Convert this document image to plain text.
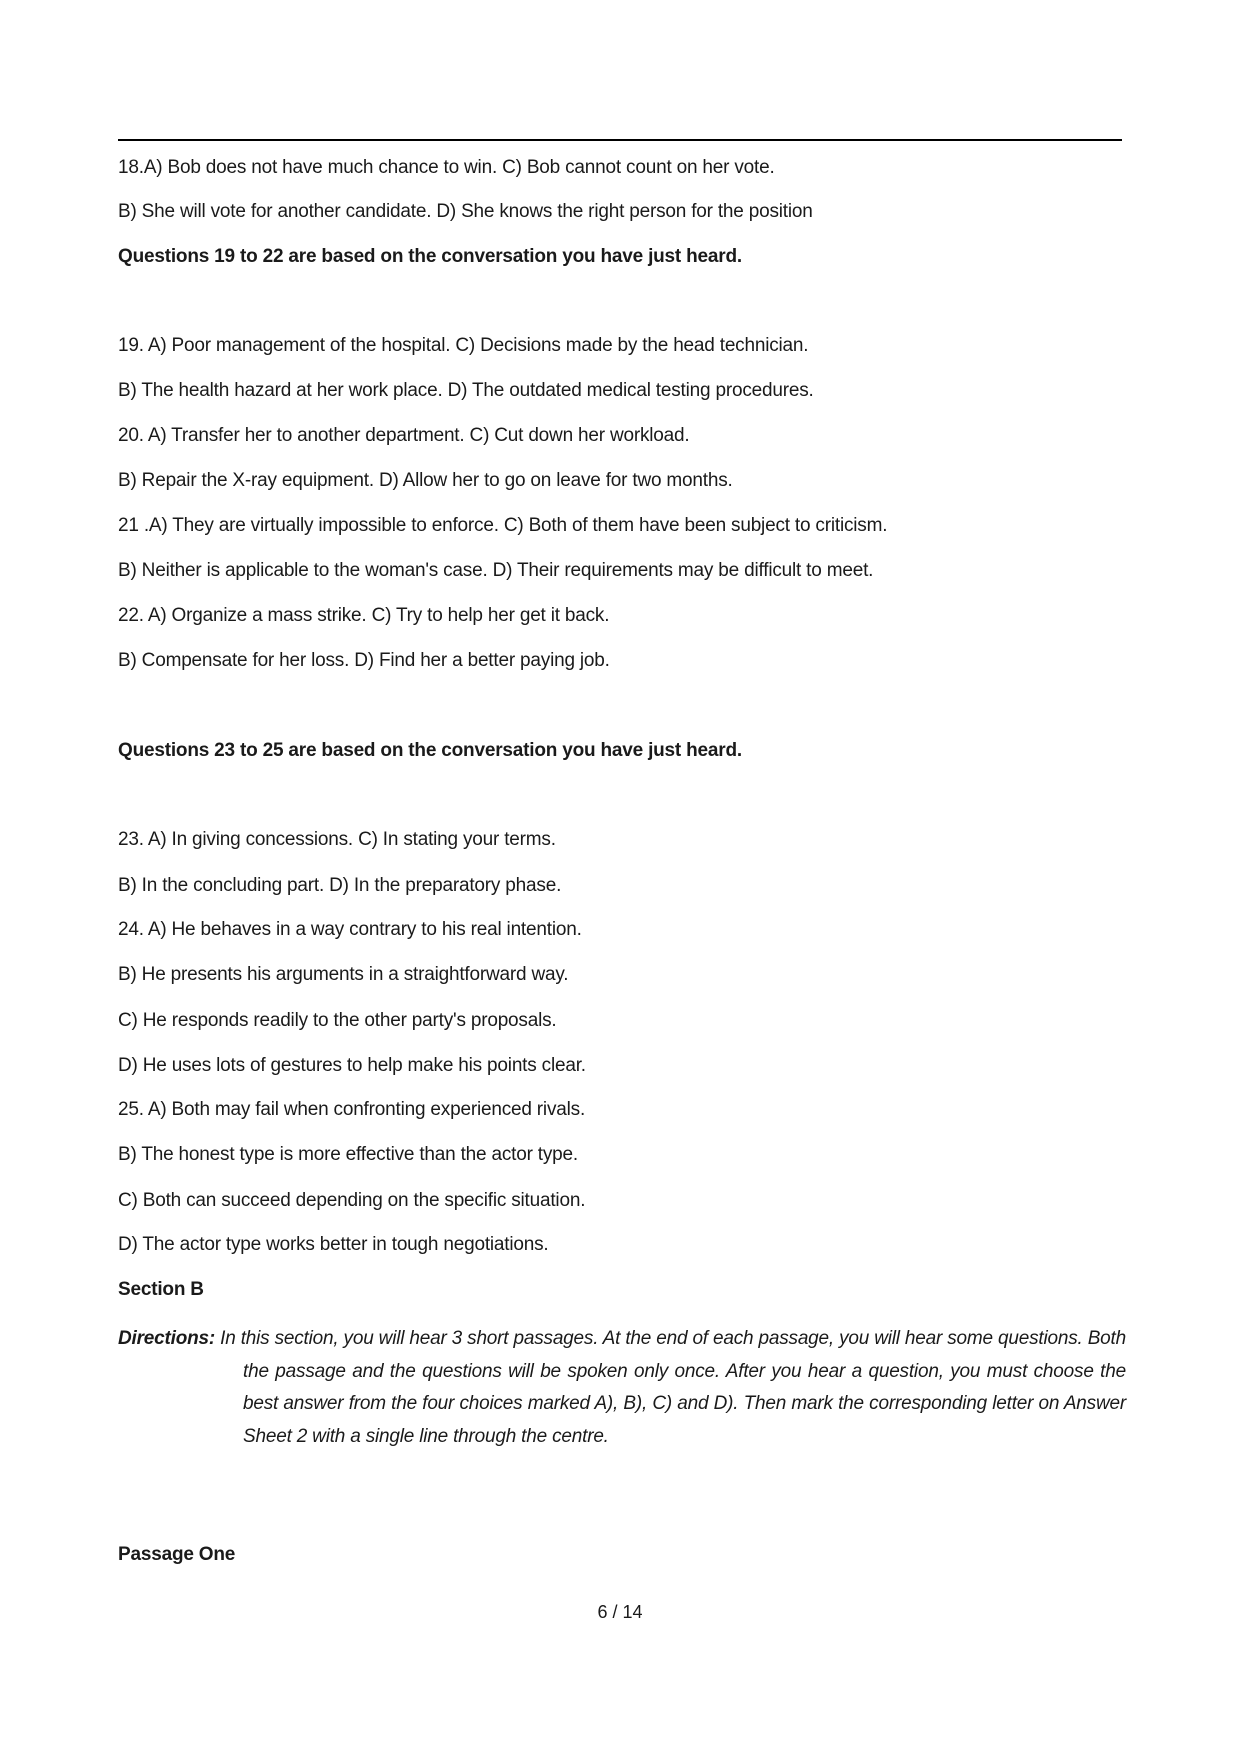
18.A) Bob does not have much chance to win. C) Bob cannot count on her vote.
B) She will vote for another candidate. D) She knows the right person for the position
Questions 19 to 22 are based on the conversation you have just heard.
19. A) Poor management of the hospital. C) Decisions made by the head technician.
B) The health hazard at her work place. D) The outdated medical testing procedures.
20. A) Transfer her to another department. C) Cut down her workload.
B) Repair the X-ray equipment. D) Allow her to go on leave for two months.
21 .A) They are virtually impossible to enforce. C) Both of them have been subject to criticism.
B) Neither is applicable to the woman's case. D) Their requirements may be difficult to meet.
22. A) Organize a mass strike. C) Try to help her get it back.
B) Compensate for her loss. D) Find her a better paying job.
Questions 23 to 25 are based on the conversation you have just heard.
23. A) In giving concessions. C) In stating your terms.
B) In the concluding part. D) In the preparatory phase.
24. A) He behaves in a way contrary to his real intention.
B) He presents his arguments in a straightforward way.
C) He responds readily to the other party's proposals.
D) He uses lots of gestures to help make his points clear.
25. A) Both may fail when confronting experienced rivals.
B) The honest type is more effective than the actor type.
C) Both can succeed depending on the specific situation.
D) The actor type works better in tough negotiations.
Section B
Directions: In this section, you will hear 3 short passages. At the end of each passage, you will hear some questions. Both the passage and the questions will be spoken only once. After you hear a question, you must choose the best answer from the four choices marked A), B), C) and D). Then mark the corresponding letter on Answer Sheet 2 with a single line through the centre.
Passage One
6 / 14
